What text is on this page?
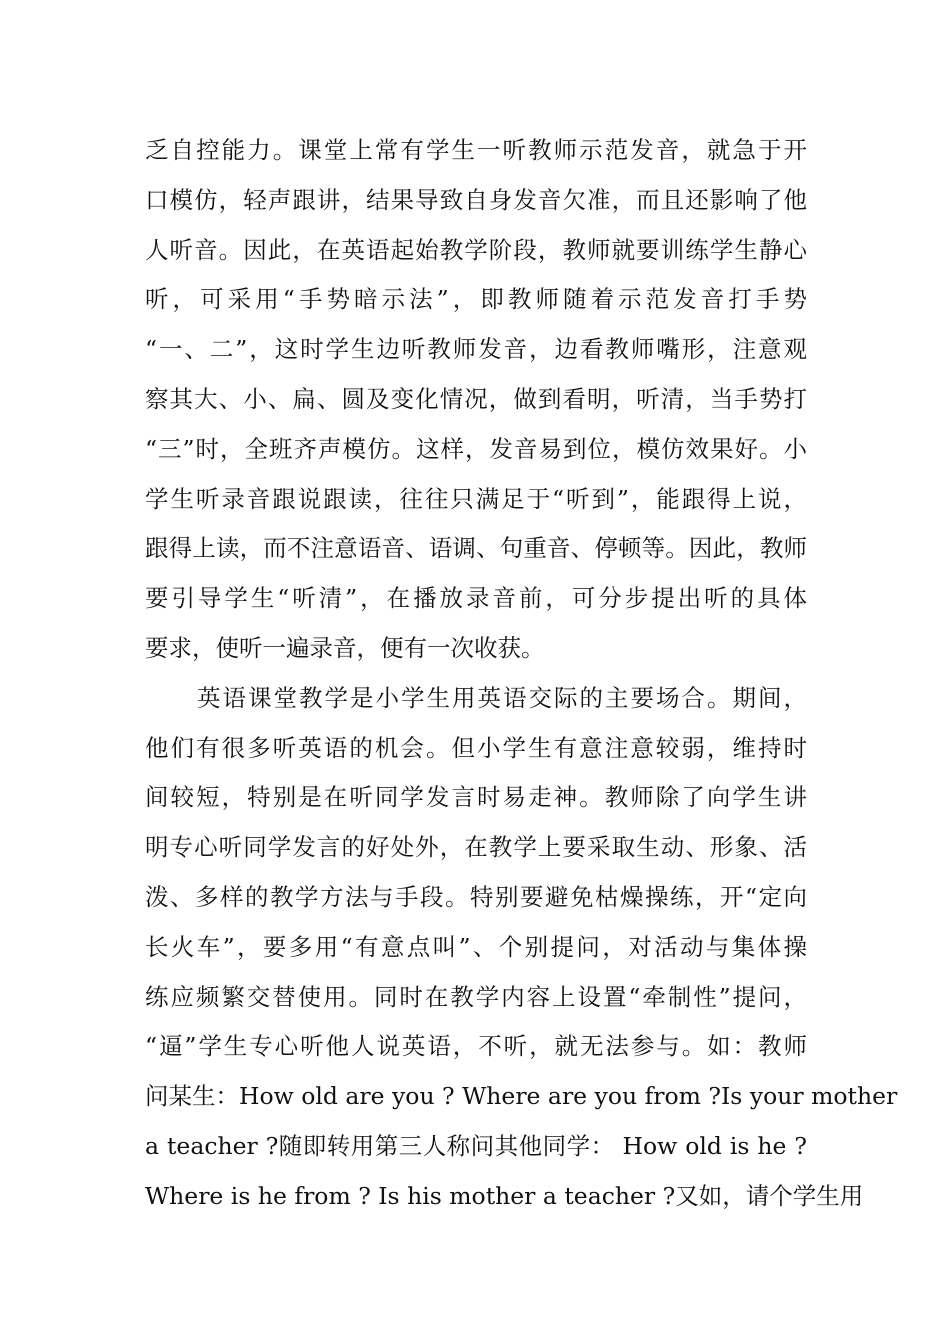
乏自控能力。课堂上常有学生一听教师示范发音，就急于开
口模仿，轻声跟讲，结果导致自身发音欠准，而且还影响了他
人听音。因此，在英语起始教学阶段，教师就要训练学生静心
听，可采用“手势暗示法”，即教师随着示范发音打手势
“一、二”，这时学生边听教师发音，边看教师嘴形，注意观
察其大、小、扁、圆及变化情况，做到看明，听清，当手势打
“三”时，全班齐声模仿。这样，发音易到位，模仿效果好。小
学生听录音跟说跟读，往往只满足于“听到”，能跟得上说，
跟得上读，而不注意语音、语调、句重音、停顿等。因此，教师
要引导学生“听清”，在播放录音前，可分步提出听的具体
要求，使听一遍录音，便有一次收获。
英语课堂教学是小学生用英语交际的主要场合。期间，
他们有很多听英语的机会。但小学生有意注意较弱，维持时
间较短，特别是在听同学发言时易走神。教师除了向学生讲
明专心听同学发言的好处外，在教学上要采取生动、形象、活
泼、多样的教学方法与手段。特别要避免枯燥操练，开“定向
长火车”，要多用“有意点叫”、个别提问，对活动与集体操
练应频繁交替使用。同时在教学内容上设置“牵制性”提问，
“逼”学生专心听他人说英语，不听，就无法参与。如：教师
问某生：How old are you ? Where are you from ?Is your mother
a teacher ?随即转用第三人称问其他同学： How old is he ?
Where is he from ? Is his mother a teacher ?又如，请个学生用
